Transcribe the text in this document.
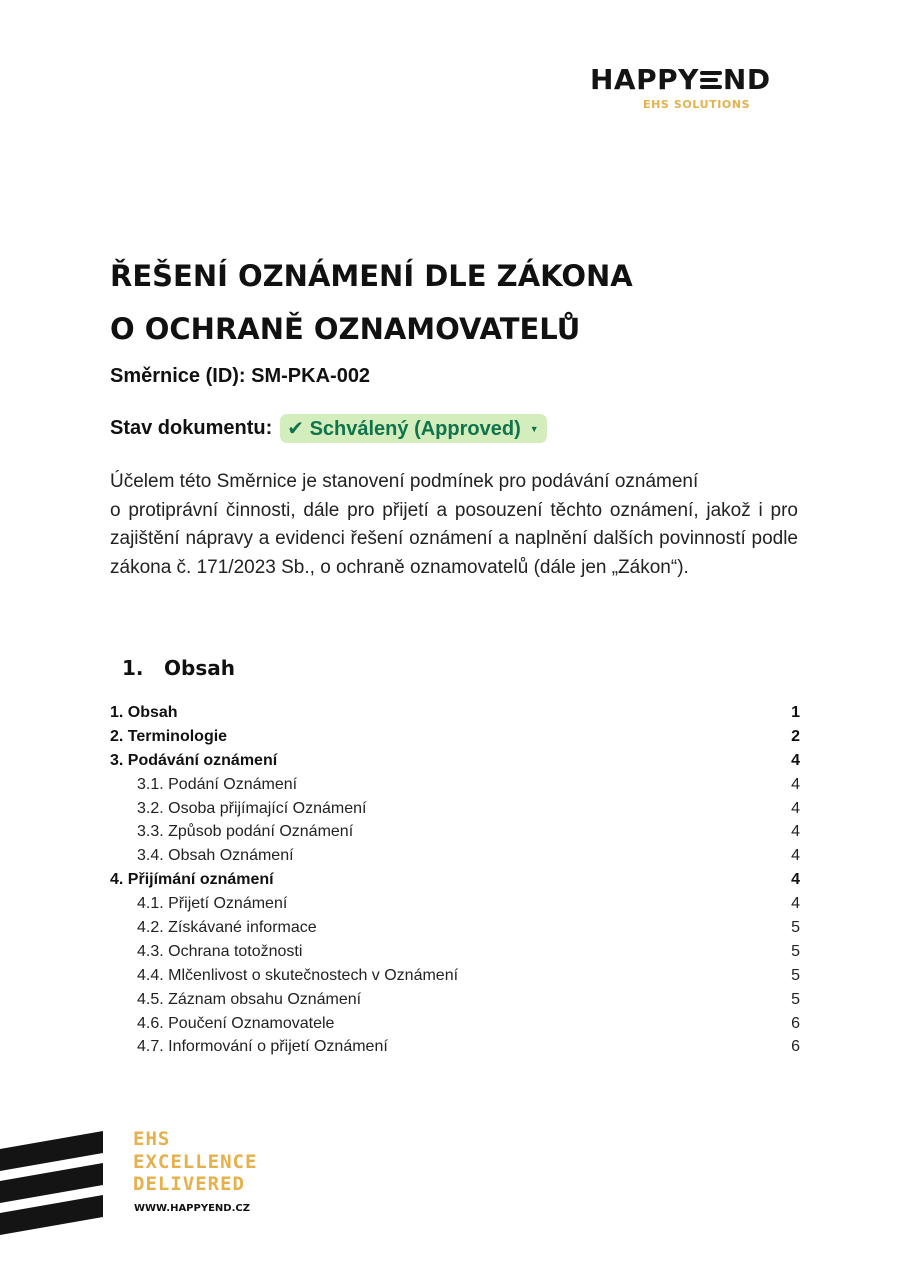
HAPPY ND
EHS SOLUTIONS
ŘEŠENÍ OZNÁMENÍ DLE ZÁKONA
O OCHRANĚ OZNAMOVATELŮ
Směrnice (ID): SM-PKA-002
Stav dokumentu: ✔ Schválený (Approved) ▼

Účelem této Směrnice je stanovení podmínek pro podávání oznámení
o protiprávní činnosti, dále pro přijetí a posouzení těchto oznámení, jakož i pro zajištění nápravy a evidenci řešení oznámení a naplnění dalších povinností podle zákona č. 171/2023 Sb., o ochraně oznamovatelů (dále jen „Zákon“).

1. Obsah
1. Obsah	1
2. Terminologie	2
3. Podávání oznámení	4
3.1. Podání Oznámení	4
3.2. Osoba přijímající Oznámení	4
3.3. Způsob podání Oznámení	4
3.4. Obsah Oznámení	4
4. Přijímání oznámení	4
4.1. Přijetí Oznámení	4
4.2. Získávané informace	5
4.3. Ochrana totožnosti	5
4.4. Mlčenlivost o skutečnostech v Oznámení	5
4.5. Záznam obsahu Oznámení	5
4.6. Poučení Oznamovatele	6
4.7. Informování o přijetí Oznámení	6
EHS
EXCELLENCE
DELIVERED
WWW.HAPPYEND.CZ
